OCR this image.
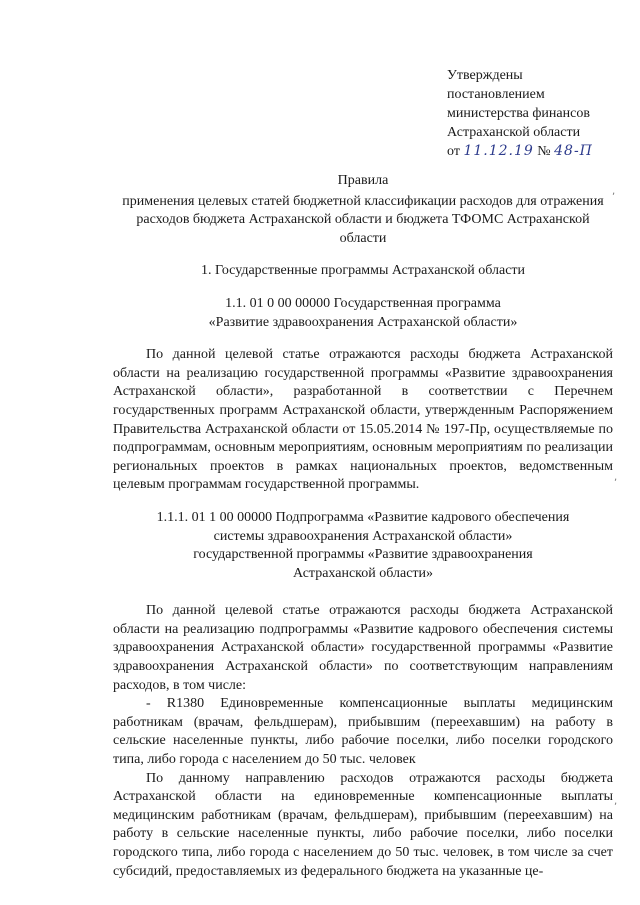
Утверждены
постановлением
министерства финансов
Астраханской области
от 11.12.19 № 48-П

Правила

применения целевых статей бюджетной классификации расходов для отражения расходов бюджета Астраханской области и бюджета ТФОМС Астраханской области

1. Государственные программы Астраханской области

1.1. 01 0 00 00000 Государственная программа

«Развитие здравоохранения Астраханской области»

По данной целевой статье отражаются расходы бюджета Астраханской области на реализацию государственной программы «Развитие здравоохранения Астраханской области», разработанной в соответствии с Перечнем государственных программ Астраханской области, утвержденным Распоряжением Правительства Астраханской области от 15.05.2014 № 197-Пр, осуществляемые по подпрограммам, основным мероприятиям, основным мероприятиям по реализации региональных проектов в рамках национальных проектов, ведомственным целевым программам государственной программы.

1.1.1. 01 1 00 00000 Подпрограмма «Развитие кадрового обеспечения

системы здравоохранения Астраханской области»

государственной программы «Развитие здравоохранения

Астраханской области»

По данной целевой статье отражаются расходы бюджета Астраханской области на реализацию подпрограммы «Развитие кадрового обеспечения системы здравоохранения Астраханской области» государственной программы «Развитие здравоохранения Астраханской области» по соответствующим направлениям расходов, в том числе:

- R1380 Единовременные компенсационные выплаты медицинским работникам (врачам, фельдшерам), прибывшим (переехавшим) на работу в сельские населенные пункты, либо рабочие поселки, либо поселки городского типа, либо города с населением до 50 тыс. человек

По данному направлению расходов отражаются расходы бюджета Астраханской области на единовременные компенсационные выплаты медицинским работникам (врачам, фельдшерам), прибывшим (переехавшим) на работу в сельские населенные пункты, либо рабочие поселки, либо поселки городского типа, либо города с населением до 50 тыс. человек, в том числе за счет субсидий, предоставляемых из федерального бюджета на указанные це-

,
,
,
